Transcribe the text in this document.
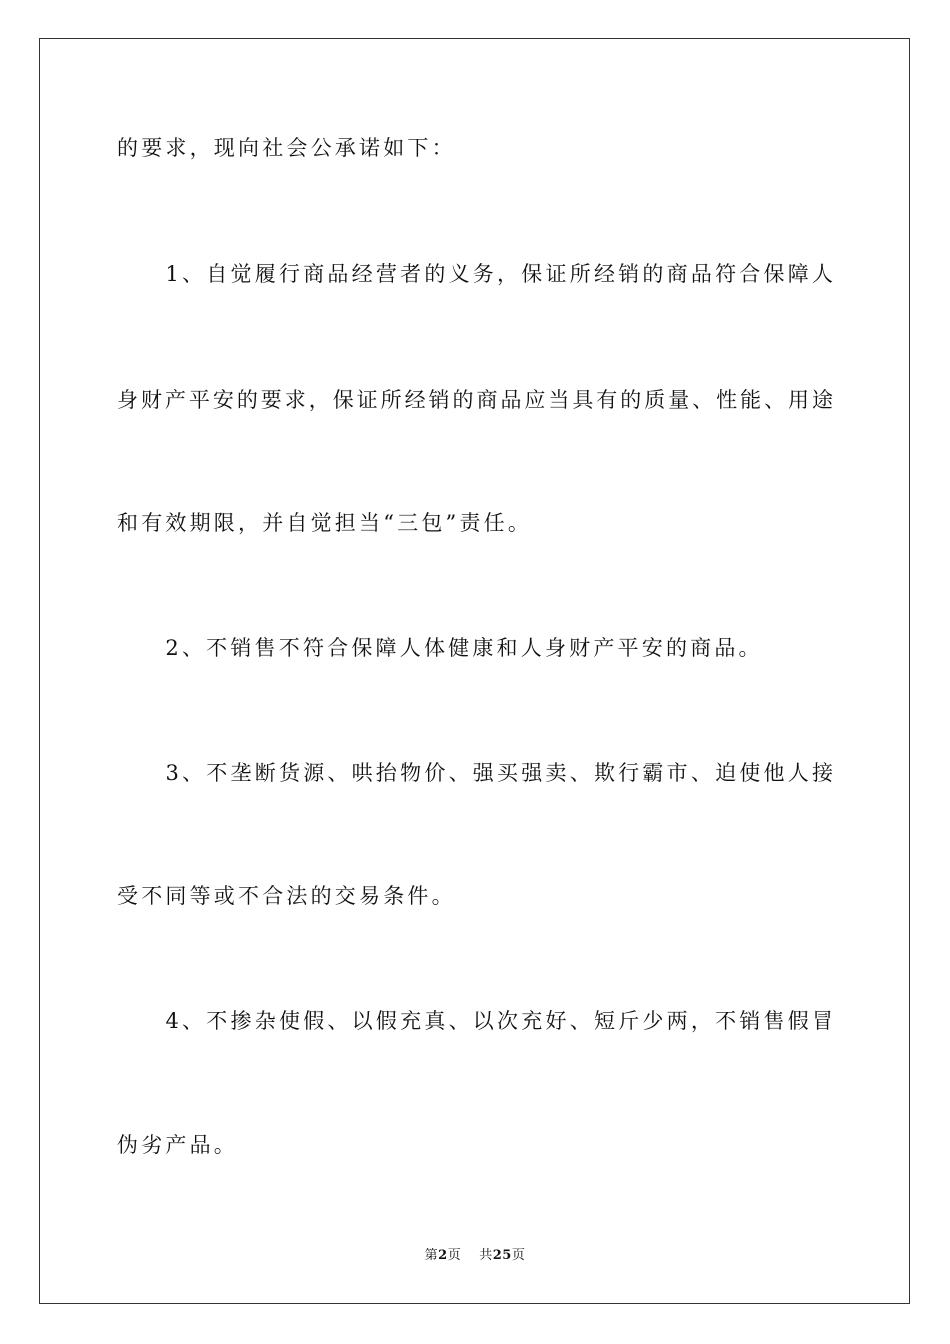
的要求，现向社会公承诺如下：
　　1、自觉履行商品经营者的义务，保证所经销的商品符合保障人
身财产平安的要求，保证所经销的商品应当具有的质量、性能、用途
和有效期限，并自觉担当“三包”责任。
　　2、不销售不符合保障人体健康和人身财产平安的商品。
　　3、不垄断货源、哄抬物价、强买强卖、欺行霸市、迫使他人接
受不同等或不合法的交易条件。
　　4、不掺杂使假、以假充真、以次充好、短斤少两，不销售假冒
伪劣产品。
第2页 共25页
